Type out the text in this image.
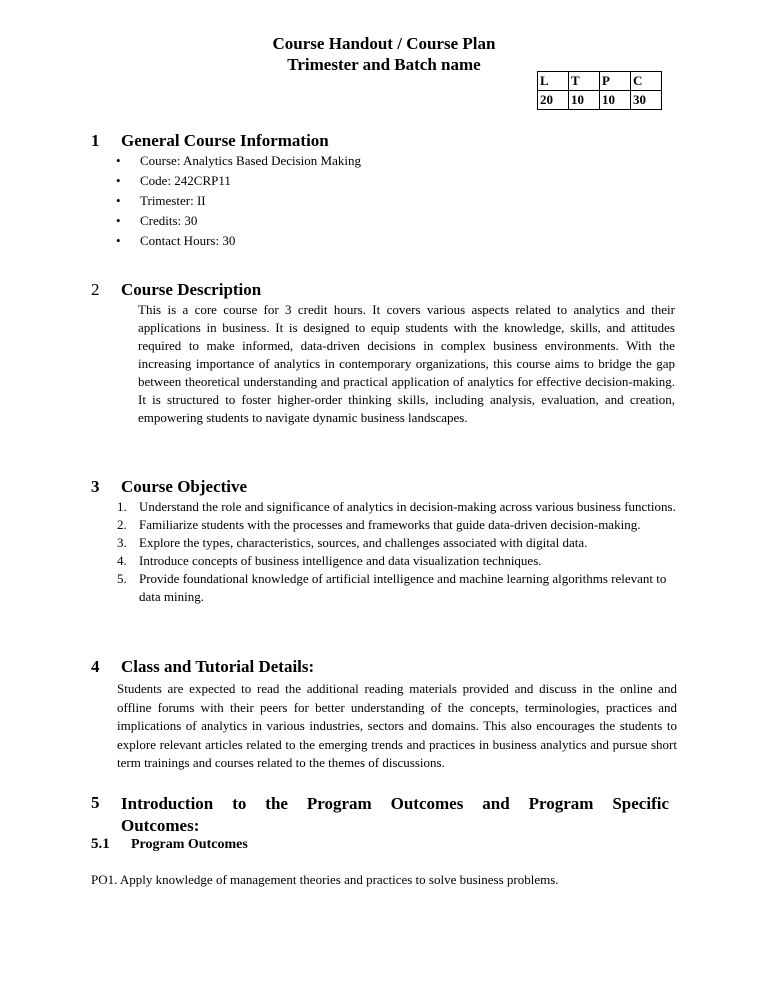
Course Handout / Course Plan
Trimester and Batch name
L	T	P	C
20	10	10	30
1 General Course Information
• Course: Analytics Based Decision Making
• Code: 242CRP11
• Trimester: II
• Credits: 30
• Contact Hours: 30
2 Course Description
This is a core course for 3 credit hours. It covers various aspects related to analytics and their applications in business. It is designed to equip students with the knowledge, skills, and attitudes required to make informed, data-driven decisions in complex business environments. With the increasing importance of analytics in contemporary organizations, this course aims to bridge the gap between theoretical understanding and practical application of analytics for effective decision-making. It is structured to foster higher-order thinking skills, including analysis, evaluation, and creation, empowering students to navigate dynamic business landscapes.
3 Course Objective
1. Understand the role and significance of analytics in decision-making across various business functions.
2. Familiarize students with the processes and frameworks that guide data-driven decision-making.
3. Explore the types, characteristics, sources, and challenges associated with digital data.
4. Introduce concepts of business intelligence and data visualization techniques.
5. Provide foundational knowledge of artificial intelligence and machine learning algorithms relevant to data mining.
4 Class and Tutorial Details:
Students are expected to read the additional reading materials provided and discuss in the online and offline forums with their peers for better understanding of the concepts, terminologies, practices and implications of analytics in various industries, sectors and domains. This also encourages the students to explore relevant articles related to the emerging trends and practices in business analytics and pursue short term trainings and courses related to the themes of discussions.
5 Introduction to the Program Outcomes and Program Specific
Outcomes:
5.1 Program Outcomes
PO1. Apply knowledge of management theories and practices to solve business problems.
